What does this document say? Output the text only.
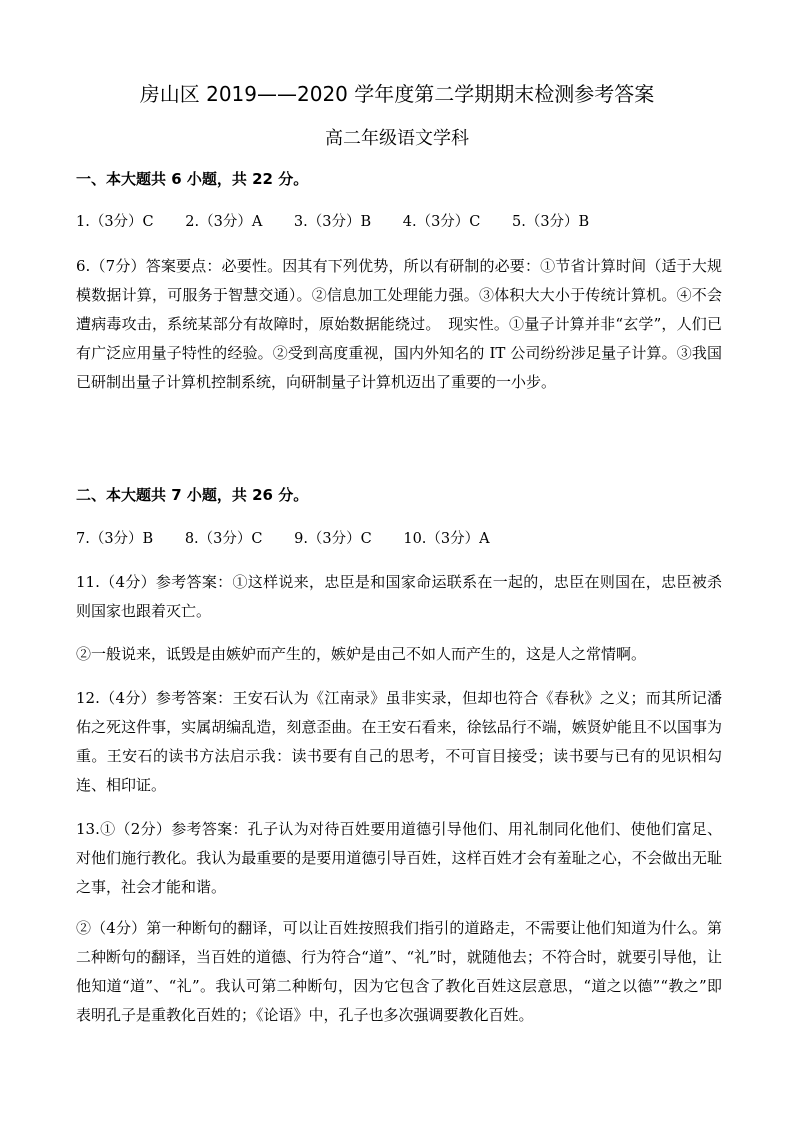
房山区 2019——2020 学年度第二学期期末检测参考答案
高二年级语文学科
一、本大题共 6 小题，共 22 分。
1.（3分）C 2.（3分）A 3.（3分）B 4.（3分）C 5.（3分）B
6.（7分）答案要点：必要性。因其有下列优势，所以有研制的必要：①节省计算时间（适于大规模数据计算，可服务于智慧交通）。②信息加工处理能力强。③体积大大小于传统计算机。④不会遭病毒攻击，系统某部分有故障时，原始数据能绕过。　现实性。①量子计算并非“玄学”，人们已有广泛应用量子特性的经验。②受到高度重视，国内外知名的 IT 公司纷纷涉足量子计算。③我国已研制出量子计算机控制系统，向研制量子计算机迈出了重要的一小步。
二、本大题共 7 小题，共 26 分。
7.（3分）B 8.（3分）C 9.（3分）C 10.（3分）A
11.（4分）参考答案：①这样说来，忠臣是和国家命运联系在一起的，忠臣在则国在，忠臣被杀则国家也跟着灭亡。
②一般说来，诋毁是由嫉妒而产生的，嫉妒是由己不如人而产生的，这是人之常情啊。
12.（4分）参考答案：王安石认为《江南录》虽非实录，但却也符合《春秋》之义；而其所记潘佑之死这件事，实属胡编乱造，刻意歪曲。在王安石看来，徐铉品行不端，嫉贤妒能且不以国事为重。王安石的读书方法启示我：读书要有自己的思考，不可盲目接受；读书要与已有的见识相勾连、相印证。
13.①（2分）参考答案：孔子认为对待百姓要用道德引导他们、用礼制同化他们、使他们富足、对他们施行教化。我认为最重要的是要用道德引导百姓，这样百姓才会有羞耻之心，不会做出无耻之事，社会才能和谐。
②（4分）第一种断句的翻译，可以让百姓按照我们指引的道路走，不需要让他们知道为什么。第二种断句的翻译，当百姓的道德、行为符合“道”、“礼”时，就随他去；不符合时，就要引导他，让他知道“道”、“礼”。我认可第二种断句，因为它包含了教化百姓这层意思，“道之以德”“教之”即表明孔子是重教化百姓的；《论语》中，孔子也多次强调要教化百姓。
